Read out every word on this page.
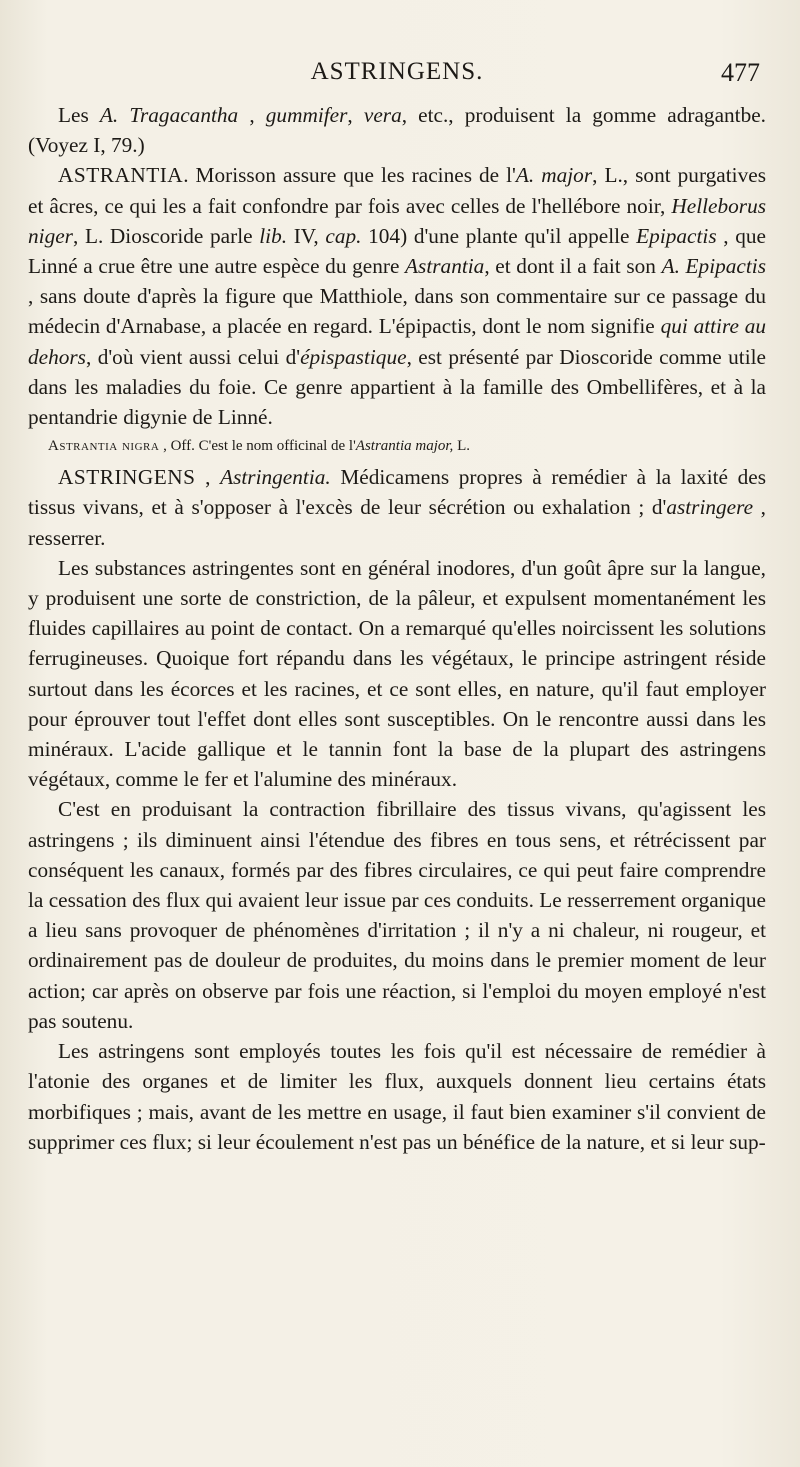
ASTRINGENS.	477

Les A. Tragacantha , gummifer, vera, etc., produisent la gomme adragantbe. (Voyez I, 79.)

ASTRANTIA. Morisson assure que les racines de l'A. major, L., sont purgatives et âcres, ce qui les a fait confondre par fois avec celles de l'hellébore noir, Helleborus niger, L. Dioscoride parle lib. IV, cap. 104) d'une plante qu'il appelle Epipactis , que Linné a crue être une autre espèce du genre Astrantia, et dont il a fait son A. Epipactis , sans doute d'après la figure que Matthiole, dans son commentaire sur ce passage du médecin d'Arnabase, a placée en regard. L'épipactis, dont le nom signifie qui attire au dehors, d'où vient aussi celui d'épispastique, est présenté par Dioscoride comme utile dans les maladies du foie. Ce genre appartient à la famille des Ombellifères, et à la pentandrie digynie de Linné.

Astrantia nigra , Off. C'est le nom officinal de l'Astrantia major, L.

ASTRINGENS , Astringentia. Médicamens propres à remédier à la laxité des tissus vivans, et à s'opposer à l'excès de leur sécrétion ou exhalation ; d'astringere , resserrer.

Les substances astringentes sont en général inodores, d'un goût âpre sur la langue, y produisent une sorte de constriction, de la pâleur, et expulsent momentanément les fluides capillaires au point de contact. On a remarqué qu'elles noircissent les solutions ferrugineuses. Quoique fort répandu dans les végétaux, le principe astringent réside surtout dans les écorces et les racines, et ce sont elles, en nature, qu'il faut employer pour éprouver tout l'effet dont elles sont susceptibles. On le rencontre aussi dans les minéraux. L'acide gallique et le tannin font la base de la plupart des astringens végétaux, comme le fer et l'alumine des minéraux.

C'est en produisant la contraction fibrillaire des tissus vivans, qu'agissent les astringens ; ils diminuent ainsi l'étendue des fibres en tous sens, et rétrécissent par conséquent les canaux, formés par des fibres circulaires, ce qui peut faire comprendre la cessation des flux qui avaient leur issue par ces conduits. Le resserrement organique a lieu sans provoquer de phénomènes d'irritation ; il n'y a ni chaleur, ni rougeur, et ordinairement pas de douleur de produites, du moins dans le premier moment de leur action; car après on observe par fois une réaction, si l'emploi du moyen employé n'est pas soutenu.

Les astringens sont employés toutes les fois qu'il est nécessaire de remédier à l'atonie des organes et de limiter les flux, auxquels donnent lieu certains états morbifiques ; mais, avant de les mettre en usage, il faut bien examiner s'il convient de supprimer ces flux; si leur écoulement n'est pas un bénéfice de la nature, et si leur sup-
